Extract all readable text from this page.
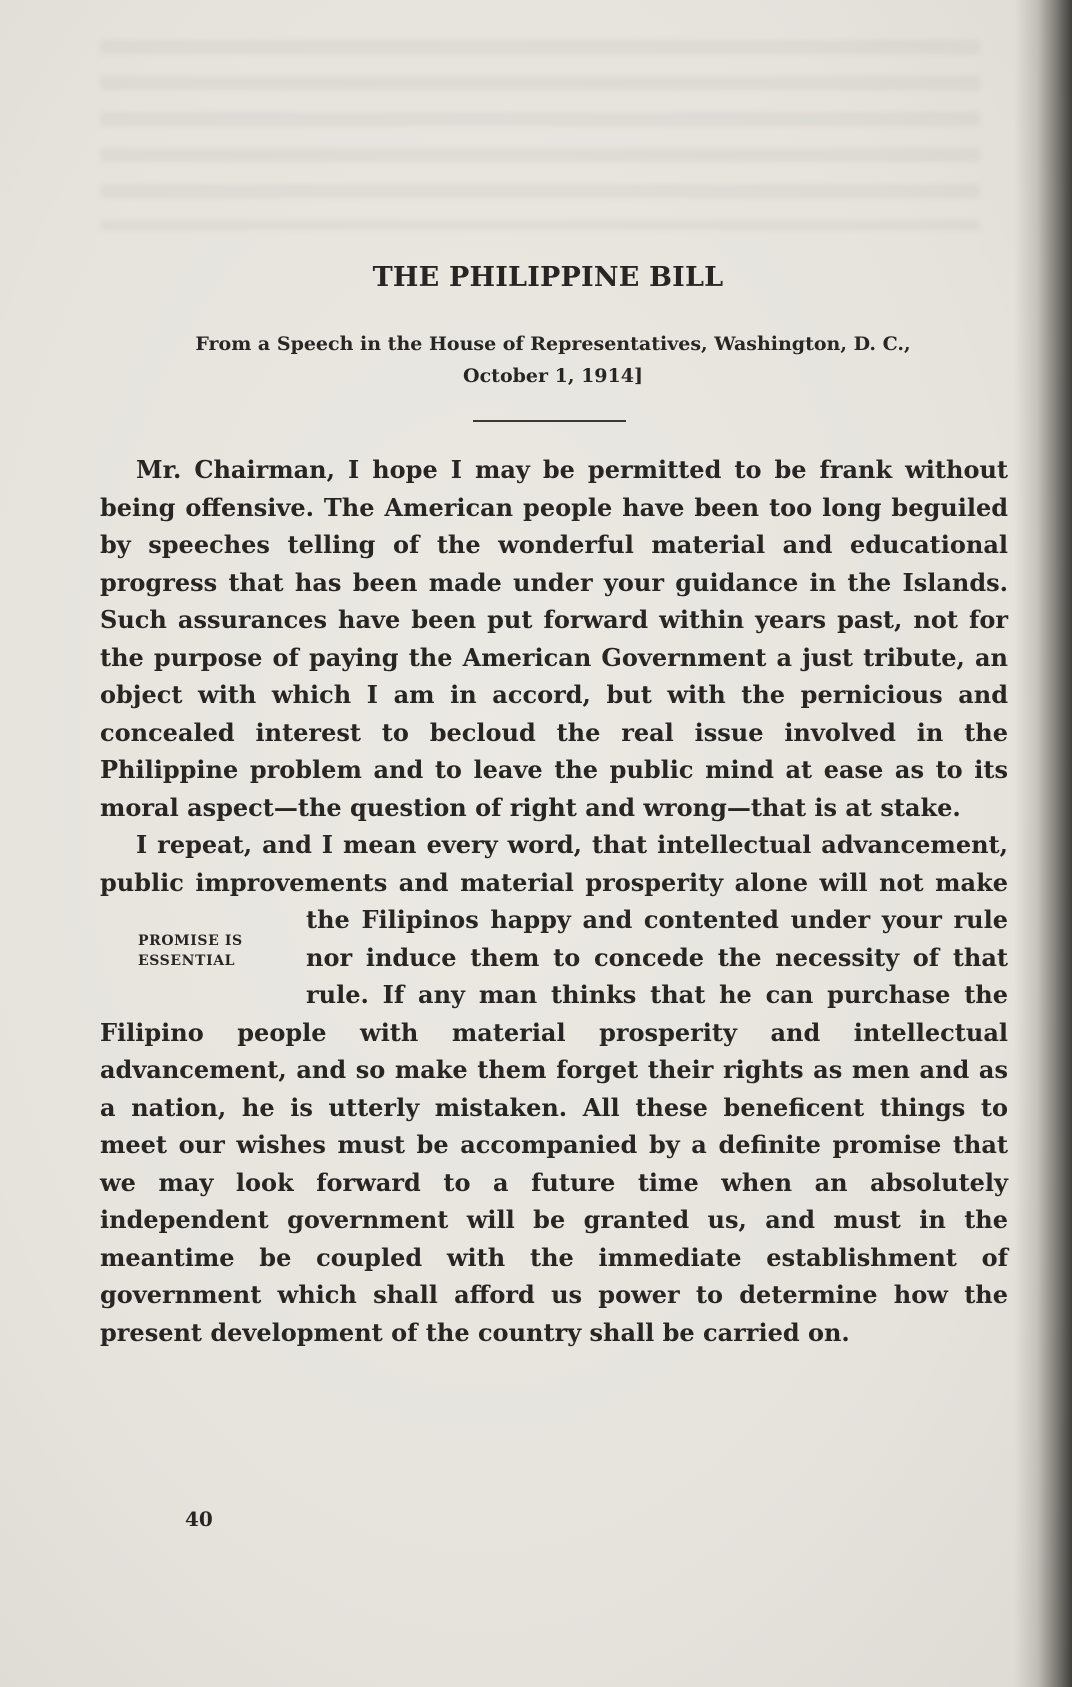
THE PHILIPPINE BILL
From a Speech in the House of Representatives, Washington, D. C.,
October 1, 1914]

Mr. Chairman, I hope I may be permitted to be frank without being offensive. The American people have been too long beguiled by speeches telling of the wonderful material and educational progress that has been made under your guidance in the Islands. Such assurances have been put forward within years past, not for the purpose of paying the American Government a just tribute, an object with which I am in accord, but with the pernicious and concealed interest to becloud the real issue involved in the Philippine problem and to leave the public mind at ease as to its moral aspect—the question of right and wrong—that is at stake.

I repeat, and I mean every word, that intellectual advancement, public improvements and material prosperity alone will not make the Filipinos happy and contented un
PROMISE IS
ESSENTIAL
der your rule nor induce them to concede the necessity of that rule. If any man thinks that he can purchase the Filipino people with material prosperity and intellectual advancement, and so make them forget their rights as men and as a nation, he is utterly mistaken. All these beneficent things to meet our wishes must be accompanied by a definite promise that we may look forward to a future time when an absolutely independent government will be granted us, and must in the meantime be coupled with the immediate establishment of government which shall afford us power to determine how the present development of the country shall be carried on.

40
